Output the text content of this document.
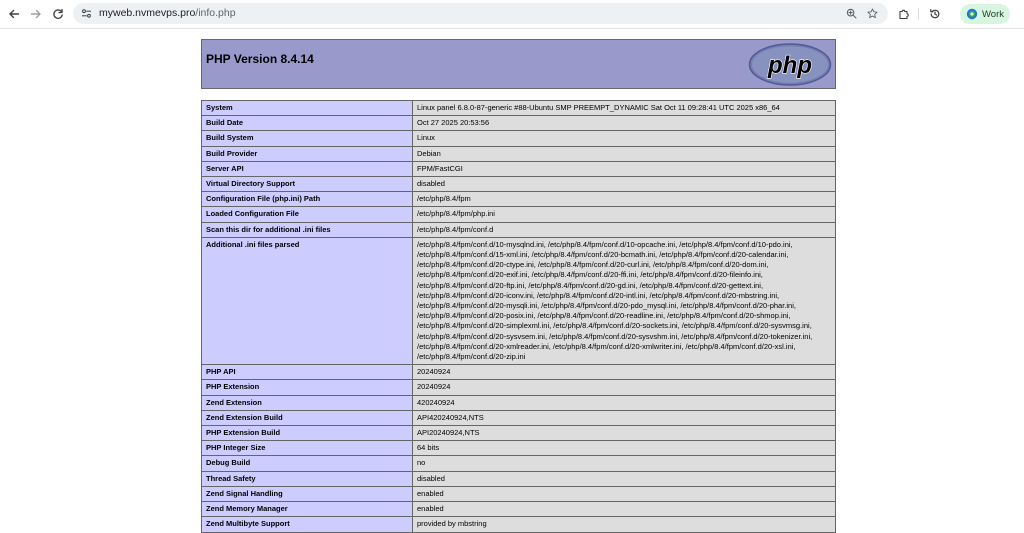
myweb.nvmevps.pro/info.php	Work
PHP Version 8.4.14	php
System	Linux panel 6.8.0-87-generic #88-Ubuntu SMP PREEMPT_DYNAMIC Sat Oct 11 09:28:41 UTC 2025 x86_64
Build Date	Oct 27 2025 20:53:56
Build System	Linux
Build Provider	Debian
Server API	FPM/FastCGI
Virtual Directory Support	disabled
Configuration File (php.ini) Path	/etc/php/8.4/fpm
Loaded Configuration File	/etc/php/8.4/fpm/php.ini
Scan this dir for additional .ini files	/etc/php/8.4/fpm/conf.d
Additional .ini files parsed	/etc/php/8.4/fpm/conf.d/10-mysqlnd.ini, /etc/php/8.4/fpm/conf.d/10-opcache.ini, /etc/php/8.4/fpm/conf.d/10-pdo.ini, /etc/php/8.4/fpm/conf.d/15-xml.ini, /etc/php/8.4/fpm/conf.d/20-bcmath.ini, /etc/php/8.4/fpm/conf.d/20-calendar.ini, /etc/php/8.4/fpm/conf.d/20-ctype.ini, /etc/php/8.4/fpm/conf.d/20-curl.ini, /etc/php/8.4/fpm/conf.d/20-dom.ini, /etc/php/8.4/fpm/conf.d/20-exif.ini, /etc/php/8.4/fpm/conf.d/20-ffi.ini, /etc/php/8.4/fpm/conf.d/20-fileinfo.ini, /etc/php/8.4/fpm/conf.d/20-ftp.ini, /etc/php/8.4/fpm/conf.d/20-gd.ini, /etc/php/8.4/fpm/conf.d/20-gettext.ini, /etc/php/8.4/fpm/conf.d/20-iconv.ini, /etc/php/8.4/fpm/conf.d/20-intl.ini, /etc/php/8.4/fpm/conf.d/20-mbstring.ini, /etc/php/8.4/fpm/conf.d/20-mysqli.ini, /etc/php/8.4/fpm/conf.d/20-pdo_mysql.ini, /etc/php/8.4/fpm/conf.d/20-phar.ini, /etc/php/8.4/fpm/conf.d/20-posix.ini, /etc/php/8.4/fpm/conf.d/20-readline.ini, /etc/php/8.4/fpm/conf.d/20-shmop.ini, /etc/php/8.4/fpm/conf.d/20-simplexml.ini, /etc/php/8.4/fpm/conf.d/20-sockets.ini, /etc/php/8.4/fpm/conf.d/20-sysvmsg.ini, /etc/php/8.4/fpm/conf.d/20-sysvsem.ini, /etc/php/8.4/fpm/conf.d/20-sysvshm.ini, /etc/php/8.4/fpm/conf.d/20-tokenizer.ini, /etc/php/8.4/fpm/conf.d/20-xmlreader.ini, /etc/php/8.4/fpm/conf.d/20-xmlwriter.ini, /etc/php/8.4/fpm/conf.d/20-xsl.ini, /etc/php/8.4/fpm/conf.d/20-zip.ini
PHP API	20240924
PHP Extension	20240924
Zend Extension	420240924
Zend Extension Build	API420240924,NTS
PHP Extension Build	API20240924,NTS
PHP Integer Size	64 bits
Debug Build	no
Thread Safety	disabled
Zend Signal Handling	enabled
Zend Memory Manager	enabled
Zend Multibyte Support	provided by mbstring
